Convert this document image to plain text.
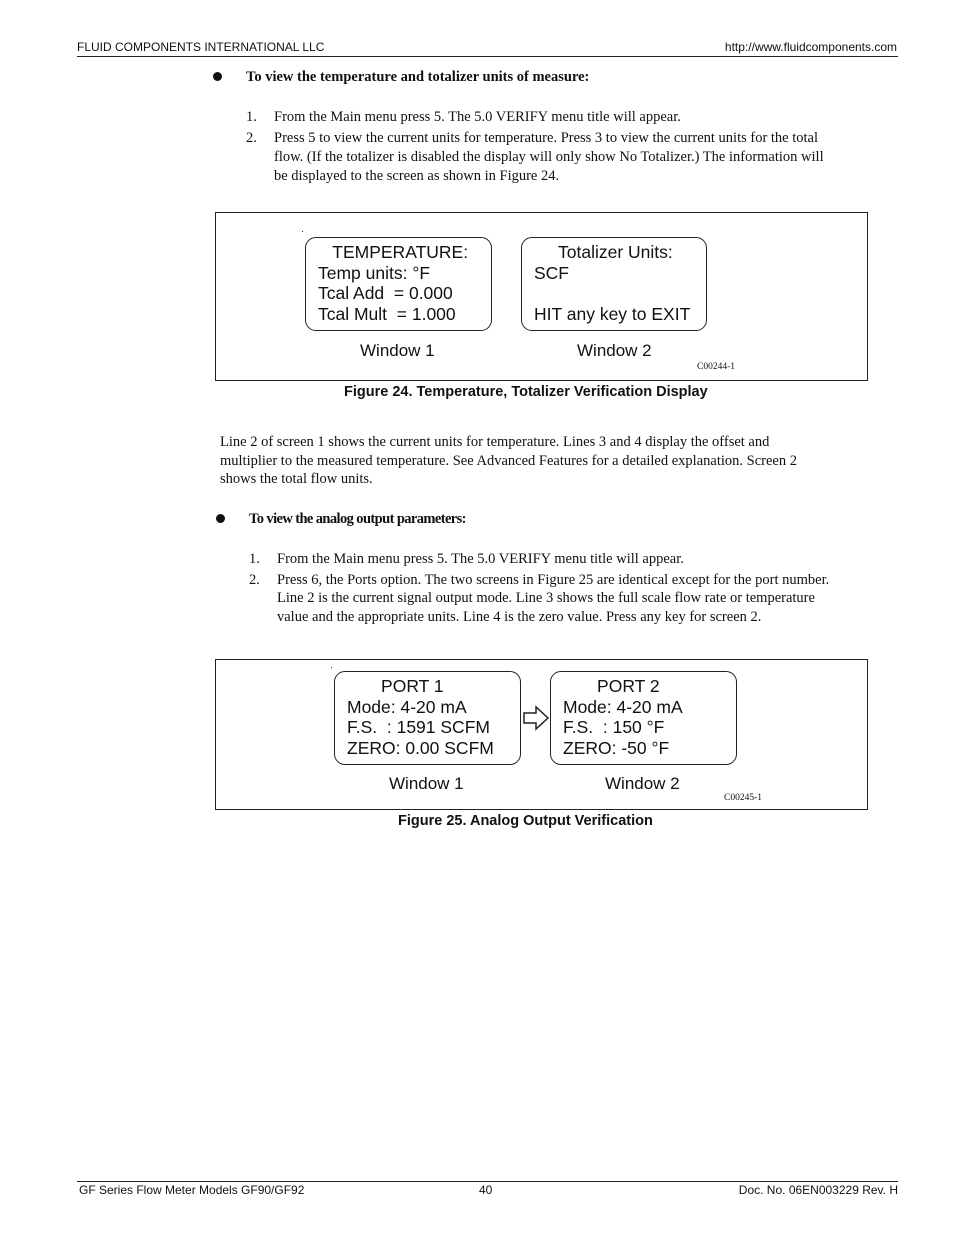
FLUID COMPONENTS INTERNATIONAL LLC	http://www.fluidcomponents.com
To view the temperature and totalizer units of measure:
1. From the Main menu press 5. The 5.0 VERIFY menu title will appear.
2. Press 5 to view the current units for temperature. Press 3 to view the current units for the total
flow. (If the totalizer is disabled the display will only show No Totalizer.) The information will
be displayed to the screen as shown in Figure 24.
TEMPERATURE:
Temp units: °F
Tcal Add  = 0.000
Tcal Mult  = 1.000
Totalizer Units:
SCF

HIT any key to EXIT
Window 1	Window 2
C00244-1
Figure 24. Temperature, Totalizer Verification Display
Line 2 of screen 1 shows the current units for temperature. Lines 3 and 4 display the offset and
multiplier to the measured temperature. See Advanced Features for a detailed explanation. Screen 2
shows the total flow units.
To view the analog output parameters:
1. From the Main menu press 5. The 5.0 VERIFY menu title will appear.
2. Press 6, the Ports option. The two screens in Figure 25 are identical except for the port number.
Line 2 is the current signal output mode. Line 3 shows the full scale flow rate or temperature
value and the appropriate units. Line 4 is the zero value. Press any key for screen 2.
PORT 1
Mode: 4-20 mA
F.S.  : 1591 SCFM
ZERO: 0.00 SCFM
PORT 2
Mode: 4-20 mA
F.S.  : 150 °F
ZERO: -50 °F
Window 1	Window 2
C00245-1
Figure 25. Analog Output Verification
GF Series Flow Meter Models GF90/GF92	40	Doc. No. 06EN003229 Rev. H
